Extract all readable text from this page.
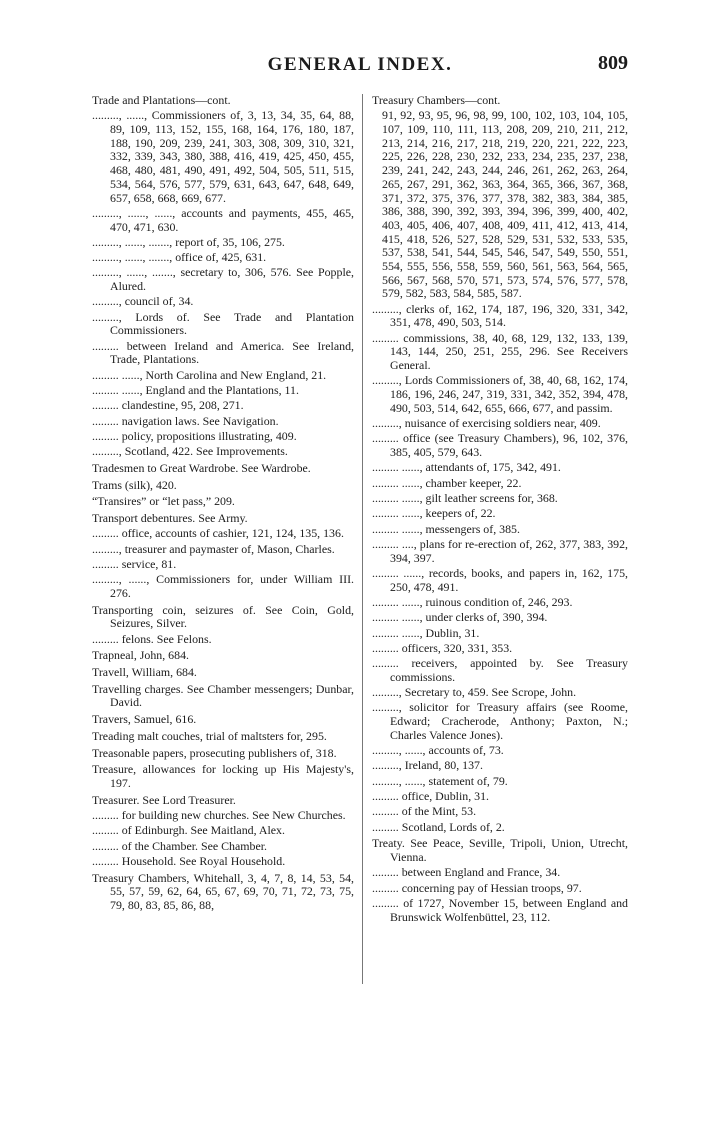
GENERAL INDEX.	809

Trade and Plantations—cont.

........., ......, Commissioners of, 3, 13, 34, 35, 64, 88, 89, 109, 113, 152, 155, 168, 164, 176, 180, 187, 188, 190, 209, 239, 241, 303, 308, 309, 310, 321, 332, 339, 343, 380, 388, 416, 419, 425, 450, 455, 468, 480, 481, 490, 491, 492, 504, 505, 511, 515, 534, 564, 576, 577, 579, 631, 643, 647, 648, 649, 657, 658, 668, 669, 677.

........., ......, ......, accounts and payments, 455, 465, 470, 471, 630.

........., ......, ......., report of, 35, 106, 275.

........., ......, ......., office of, 425, 631.

........., ......, ......., secretary to, 306, 576. See Popple, Alured.

........., council of, 34.

........., Lords of. See Trade and Plantation Commissioners.

......... between Ireland and America. See Ireland, Trade, Plantations.

......... ......, North Carolina and New England, 21.

......... ......, England and the Plantations, 11.

......... clandestine, 95, 208, 271.

......... navigation laws. See Navigation.

......... policy, propositions illustrating, 409.

........., Scotland, 422. See Improvements.

Tradesmen to Great Wardrobe. See Wardrobe.

Trams (silk), 420.

“Transires” or “let pass,” 209.

Transport debentures. See Army.

......... office, accounts of cashier, 121, 124, 135, 136.

........., treasurer and paymaster of, Mason, Charles.

......... service, 81.

........., ......, Commissioners for, under William III. 276.

Transporting coin, seizures of. See Coin, Gold, Seizures, Silver.

......... felons. See Felons.

Trapneal, John, 684.

Travell, William, 684.

Travelling charges. See Chamber messengers; Dunbar, David.

Travers, Samuel, 616.

Treading malt couches, trial of maltsters for, 295.

Treasonable papers, prosecuting publishers of, 318.

Treasure, allowances for locking up His Majesty's, 197.

Treasurer. See Lord Treasurer.

......... for building new churches. See New Churches.

......... of Edinburgh. See Maitland, Alex.

......... of the Chamber. See Chamber.

......... Household. See Royal Household.

Treasury Chambers, Whitehall, 3, 4, 7, 8, 14, 53, 54, 55, 57, 59, 62, 64, 65, 67, 69, 70, 71, 72, 73, 75, 79, 80, 83, 85, 86, 88,

Treasury Chambers—cont.

91, 92, 93, 95, 96, 98, 99, 100, 102, 103, 104, 105, 107, 109, 110, 111, 113, 208, 209, 210, 211, 212, 213, 214, 216, 217, 218, 219, 220, 221, 222, 223, 225, 226, 228, 230, 232, 233, 234, 235, 237, 238, 239, 241, 242, 243, 244, 246, 261, 262, 263, 264, 265, 267, 291, 362, 363, 364, 365, 366, 367, 368, 371, 372, 375, 376, 377, 378, 382, 383, 384, 385, 386, 388, 390, 392, 393, 394, 396, 399, 400, 402, 403, 405, 406, 407, 408, 409, 411, 412, 413, 414, 415, 418, 526, 527, 528, 529, 531, 532, 533, 535, 537, 538, 541, 544, 545, 546, 547, 549, 550, 551, 554, 555, 556, 558, 559, 560, 561, 563, 564, 565, 566, 567, 568, 570, 571, 573, 574, 576, 577, 578, 579, 582, 583, 584, 585, 587.

........., clerks of, 162, 174, 187, 196, 320, 331, 342, 351, 478, 490, 503, 514.

......... commissions, 38, 40, 68, 129, 132, 133, 139, 143, 144, 250, 251, 255, 296. See Receivers General.

........., Lords Commissioners of, 38, 40, 68, 162, 174, 186, 196, 246, 247, 319, 331, 342, 352, 394, 478, 490, 503, 514, 642, 655, 666, 677, and passim.

........., nuisance of exercising soldiers near, 409.

......... office (see Treasury Chambers), 96, 102, 376, 385, 405, 579, 643.

......... ......, attendants of, 175, 342, 491.

......... ......, chamber keeper, 22.

......... ......, gilt leather screens for, 368.

......... ......, keepers of, 22.

......... ......, messengers of, 385.

......... ...., plans for re-erection of, 262, 377, 383, 392, 394, 397.

......... ......, records, books, and papers in, 162, 175, 250, 478, 491.

......... ......, ruinous condition of, 246, 293.

......... ......, under clerks of, 390, 394.

......... ......, Dublin, 31.

......... officers, 320, 331, 353.

......... receivers, appointed by. See Treasury commissions.

........., Secretary to, 459. See Scrope, John.

........., solicitor for Treasury affairs (see Roome, Edward; Cracherode, Anthony; Paxton, N.; Charles Valence Jones).

........., ......, accounts of, 73.

........., Ireland, 80, 137.

........., ......, statement of, 79.

......... office, Dublin, 31.

......... of the Mint, 53.

......... Scotland, Lords of, 2.

Treaty. See Peace, Seville, Tripoli, Union, Utrecht, Vienna.

......... between England and France, 34.

......... concerning pay of Hessian troops, 97.

......... of 1727, November 15, between England and Brunswick Wolfenbüttel, 23, 112.
